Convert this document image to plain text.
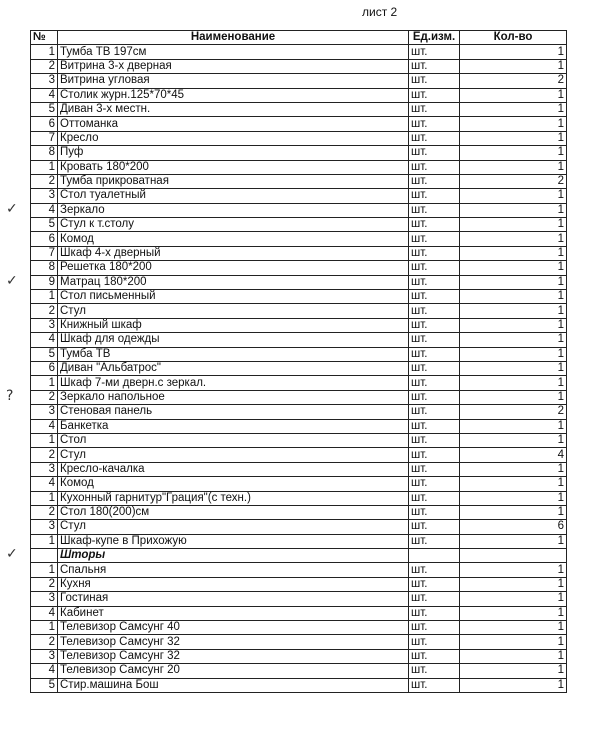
лист 2
№	Наименование	Ед.изм.	Кол-во
1	Тумба ТВ 197см	шт.	1
2	Витрина 3-х дверная	шт.	1
3	Витрина угловая	шт.	2
4	Столик журн.125*70*45	шт.	1
5	Диван 3-х местн.	шт.	1
6	Оттоманка	шт.	1
7	Кресло	шт.	1
8	Пуф	шт.	1
1	Кровать 180*200	шт.	1
2	Тумба прикроватная	шт.	2
3	Стол туалетный	шт.	1
4	Зеркало	шт.	1
5	Стул к т.столу	шт.	1
6	Комод	шт.	1
7	Шкаф 4-х дверный	шт.	1
8	Решетка 180*200	шт.	1
9	Матрац 180*200	шт.	1
1	Стол письменный	шт.	1
2	Стул	шт.	1
3	Книжный шкаф	шт.	1
4	Шкаф для одежды	шт.	1
5	Тумба ТВ	шт.	1
6	Диван "Альбатрос"	шт.	1
1	Шкаф 7-ми дверн.с зеркал.	шт.	1
2	Зеркало напольное	шт.	1
3	Стеновая панель	шт.	2
4	Банкетка	шт.	1
1	Стол	шт.	1
2	Стул	шт.	4
3	Кресло-качалка	шт.	1
4	Комод	шт.	1
1	Кухонный гарнитур"Грация"(с техн.)	шт.	1
2	Стол 180(200)см	шт.	1
3	Стул	шт.	6
1	Шкаф-купе в Прихожую	шт.	1
	Шторы		
1	Спальня	шт.	1
2	Кухня	шт.	1
3	Гостиная	шт.	1
4	Кабинет	шт.	1
1	Телевизор Самсунг 40	шт.	1
2	Телевизор Самсунг 32	шт.	1
3	Телевизор Самсунг 32	шт.	1
4	Телевизор Самсунг 20	шт.	1
5	Стир.машина Бош	шт.	1
✓
✓
?
✓
